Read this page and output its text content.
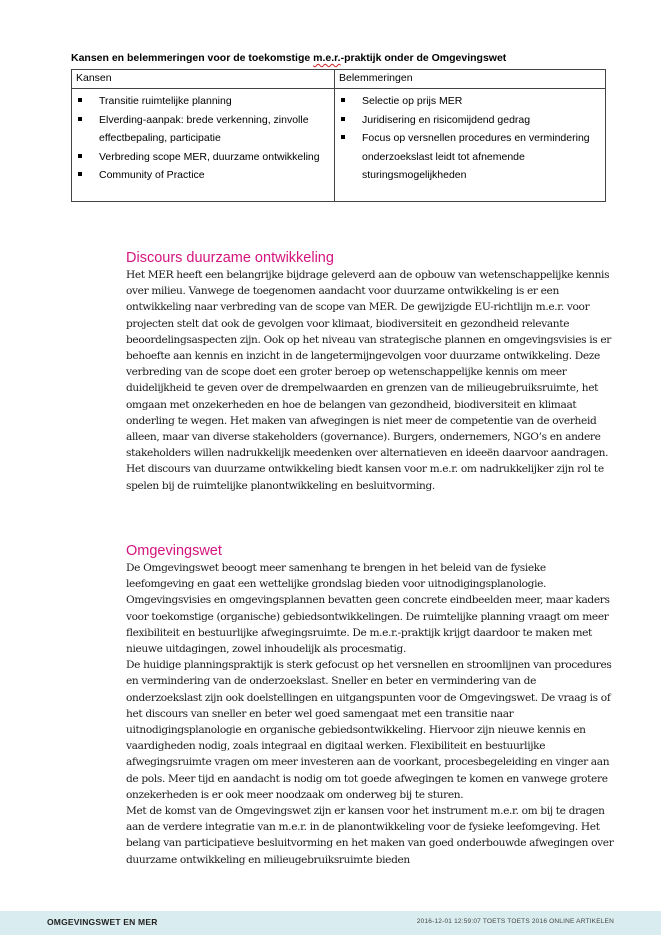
Kansen en belemmeringen voor de toekomstige m.e.r.-praktijk onder de Omgevingswet
Kansen
Transitie ruimtelijke planning
Elverding-aanpak: brede verkenning, zinvolle effectbepaling, participatie
Verbreding scope MER, duurzame ontwikkeling
Community of Practice
Belemmeringen
Selectie op prijs MER
Juridisering en risicomijdend gedrag
Focus op versnellen procedures en vermindering onderzoekslast leidt tot afnemende sturingsmogelijkheden
Discours duurzame ontwikkeling

Het MER heeft een belangrijke bijdrage geleverd aan de opbouw van wetenschappelijke kennis over milieu. Vanwege de toegenomen aandacht voor duurzame ontwikkeling is er een ontwikkeling naar verbreding van de scope van MER. De gewijzigde EU-richtlijn m.e.r. voor projecten stelt dat ook de gevolgen voor klimaat, biodiversiteit en gezondheid relevante beoordelingsaspecten zijn. Ook op het niveau van strategische plannen en omgevingsvisies is er behoefte aan kennis en inzicht in de langetermijngevolgen voor duurzame ontwikkeling. Deze verbreding van de scope doet een groter beroep op wetenschappelijke kennis om meer duidelijkheid te geven over de drempelwaarden en grenzen van de milieugebruiksruimte, het omgaan met onzekerheden en hoe de belangen van gezondheid, biodiversiteit en klimaat onderling te wegen. Het maken van afwegingen is niet meer de competentie van de overheid alleen, maar van diverse stakeholders (governance). Burgers, ondernemers, NGO’s en andere stakeholders willen nadrukkelijk meedenken over alternatieven en ideeën daarvoor aandragen. Het discours van duurzame ontwikkeling biedt kansen voor m.e.r. om nadrukkelijker zijn rol te spelen bij de ruimtelijke planontwikkeling en besluitvorming.

Omgevingswet

De Omgevingswet beoogt meer samenhang te brengen in het beleid van de fysieke leefomgeving en gaat een wettelijke grondslag bieden voor uitnodigingsplanologie. Omgevingsvisies en omgevingsplannen bevatten geen concrete eindbeelden meer, maar kaders voor toekomstige (organische) gebiedsontwikkelingen. De ruimtelijke planning vraagt om meer flexibiliteit en bestuurlijke afwegingsruimte. De m.e.r.-praktijk krijgt daardoor te maken met nieuwe uitdagingen, zowel inhoudelijk als procesmatig.

De huidige planningspraktijk is sterk gefocust op het versnellen en stroomlijnen van procedures en vermindering van de onderzoekslast. Sneller en beter en vermindering van de onderzoekslast zijn ook doelstellingen en uitgangspunten voor de Omgevingswet. De vraag is of het discours van sneller en beter wel goed samengaat met een transitie naar uitnodigingsplanologie en organische gebiedsontwikkeling. Hiervoor zijn nieuwe kennis en vaardigheden nodig, zoals integraal en digitaal werken. Flexibiliteit en bestuurlijke afwegingsruimte vragen om meer investeren aan de voorkant, procesbegeleiding en vinger aan de pols. Meer tijd en aandacht is nodig om tot goede afwegingen te komen en vanwege grotere onzekerheden is er ook meer noodzaak om onderweg bij te sturen.

Met de komst van de Omgevingswet zijn er kansen voor het instrument m.e.r. om bij te dragen aan de verdere integratie van m.e.r. in de planontwikkeling voor de fysieke leefomgeving. Het belang van participatieve besluitvorming en het maken van goed onderbouwde afwegingen over duurzame ontwikkeling en milieugebruiksruimte bieden

OMGEVINGSWET EN MER	2016-12-01 12:59:07 TOETS TOETS 2016 ONLINE ARTIKELEN
